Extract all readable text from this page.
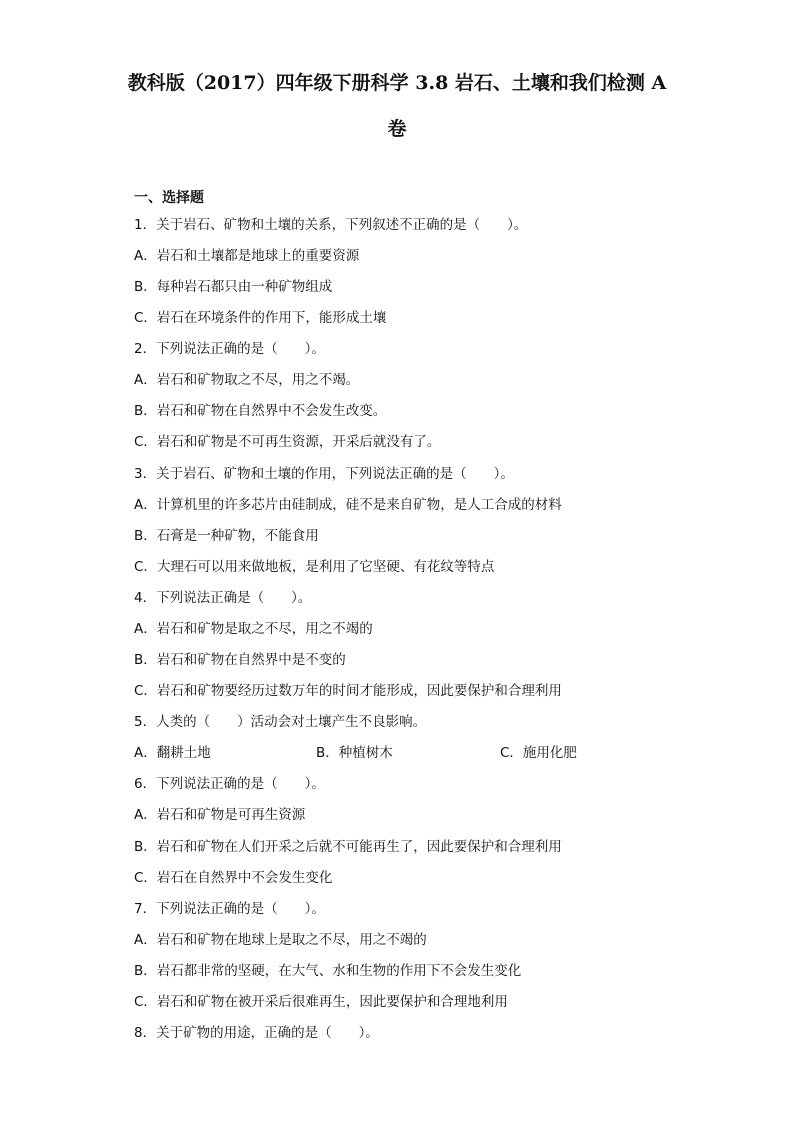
教科版（2017）四年级下册科学 3.8 岩石、土壤和我们检测 A
卷
一、选择题
1．关于岩石、矿物和土壤的关系，下列叙述不正确的是（　　）。
A．岩石和土壤都是地球上的重要资源
B．每种岩石都只由一种矿物组成
C．岩石在环境条件的作用下，能形成土壤
2．下列说法正确的是（　　）。
A．岩石和矿物取之不尽，用之不竭。
B．岩石和矿物在自然界中不会发生改变。
C．岩石和矿物是不可再生资源，开采后就没有了。
3．关于岩石、矿物和土壤的作用，下列说法正确的是（　　）。
A．计算机里的许多芯片由硅制成，硅不是来自矿物，是人工合成的材料
B．石膏是一种矿物，不能食用
C．大理石可以用来做地板，是利用了它坚硬、有花纹等特点
4．下列说法正确是（　　）。
A．岩石和矿物是取之不尽，用之不竭的
B．岩石和矿物在自然界中是不变的
C．岩石和矿物要经历过数万年的时间才能形成，因此要保护和合理利用
5．人类的（　　）活动会对土壤产生不良影响。
A．翻耕土地	B．种植树木	C．施用化肥
6．下列说法正确的是（　　）。
A．岩石和矿物是可再生资源
B．岩石和矿物在人们开采之后就不可能再生了，因此要保护和合理利用
C．岩石在自然界中不会发生变化
7．下列说法正确的是（　　）。
A．岩石和矿物在地球上是取之不尽，用之不竭的
B．岩石都非常的坚硬，在大气、水和生物的作用下不会发生变化
C．岩石和矿物在被开采后很难再生，因此要保护和合理地利用
8．关于矿物的用途，正确的是（　　）。
